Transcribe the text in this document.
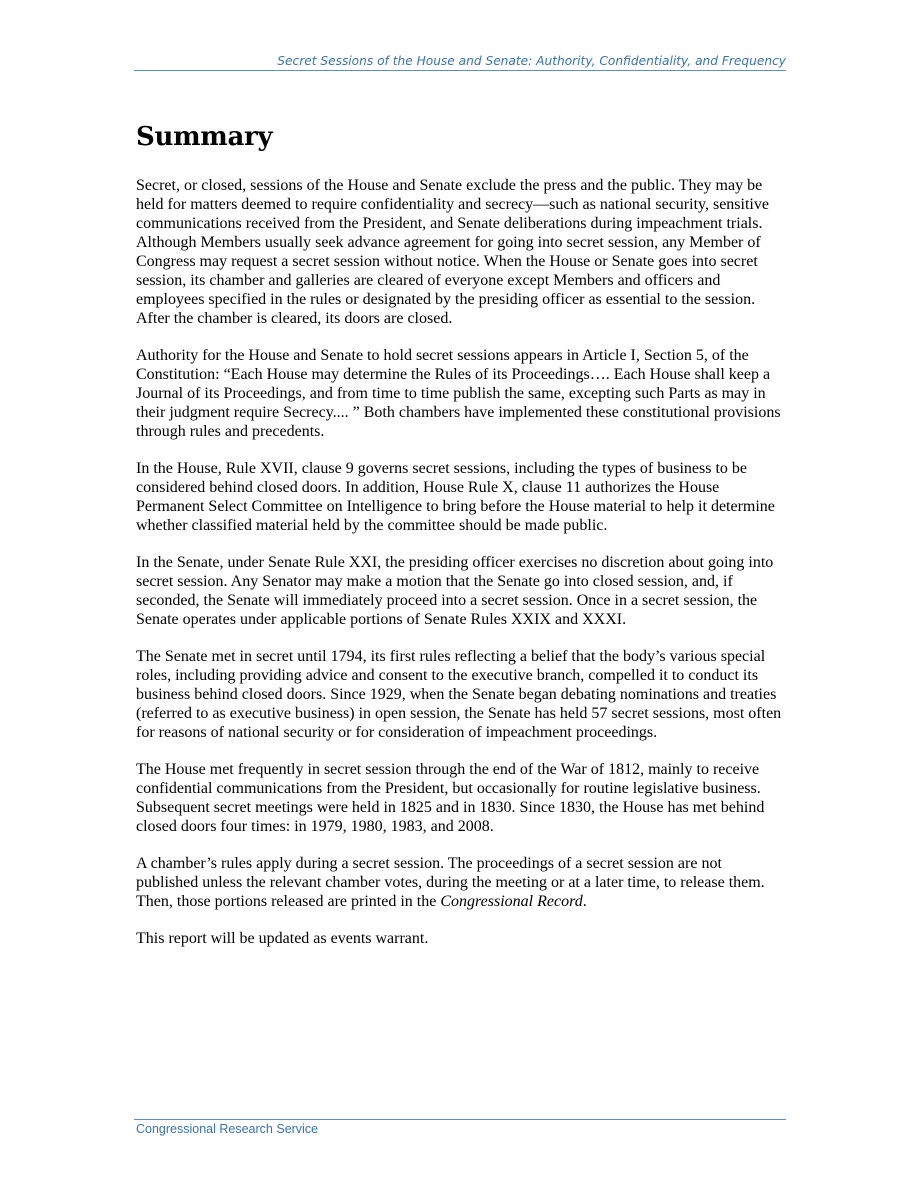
Secret Sessions of the House and Senate: Authority, Confidentiality, and Frequency
Summary

Secret, or closed, sessions of the House and Senate exclude the press and the public. They may be held for matters deemed to require confidentiality and secrecy—such as national security, sensitive communications received from the President, and Senate deliberations during impeachment trials. Although Members usually seek advance agreement for going into secret session, any Member of Congress may request a secret session without notice. When the House or Senate goes into secret session, its chamber and galleries are cleared of everyone except Members and officers and employees specified in the rules or designated by the presiding officer as essential to the session. After the chamber is cleared, its doors are closed.

Authority for the House and Senate to hold secret sessions appears in Article I, Section 5, of the Constitution: “Each House may determine the Rules of its Proceedings…. Each House shall keep a Journal of its Proceedings, and from time to time publish the same, excepting such Parts as may in their judgment require Secrecy.... ” Both chambers have implemented these constitutional provisions through rules and precedents.

In the House, Rule XVII, clause 9 governs secret sessions, including the types of business to be considered behind closed doors. In addition, House Rule X, clause 11 authorizes the House Permanent Select Committee on Intelligence to bring before the House material to help it determine whether classified material held by the committee should be made public.

In the Senate, under Senate Rule XXI, the presiding officer exercises no discretion about going into secret session. Any Senator may make a motion that the Senate go into closed session, and, if seconded, the Senate will immediately proceed into a secret session. Once in a secret session, the Senate operates under applicable portions of Senate Rules XXIX and XXXI.

The Senate met in secret until 1794, its first rules reflecting a belief that the body’s various special roles, including providing advice and consent to the executive branch, compelled it to conduct its business behind closed doors. Since 1929, when the Senate began debating nominations and treaties (referred to as executive business) in open session, the Senate has held 57 secret sessions, most often for reasons of national security or for consideration of impeachment proceedings.

The House met frequently in secret session through the end of the War of 1812, mainly to receive confidential communications from the President, but occasionally for routine legislative business. Subsequent secret meetings were held in 1825 and in 1830. Since 1830, the House has met behind closed doors four times: in 1979, 1980, 1983, and 2008.

A chamber’s rules apply during a secret session. The proceedings of a secret session are not published unless the relevant chamber votes, during the meeting or at a later time, to release them. Then, those portions released are printed in the Congressional Record.

This report will be updated as events warrant.

Congressional Research Service
